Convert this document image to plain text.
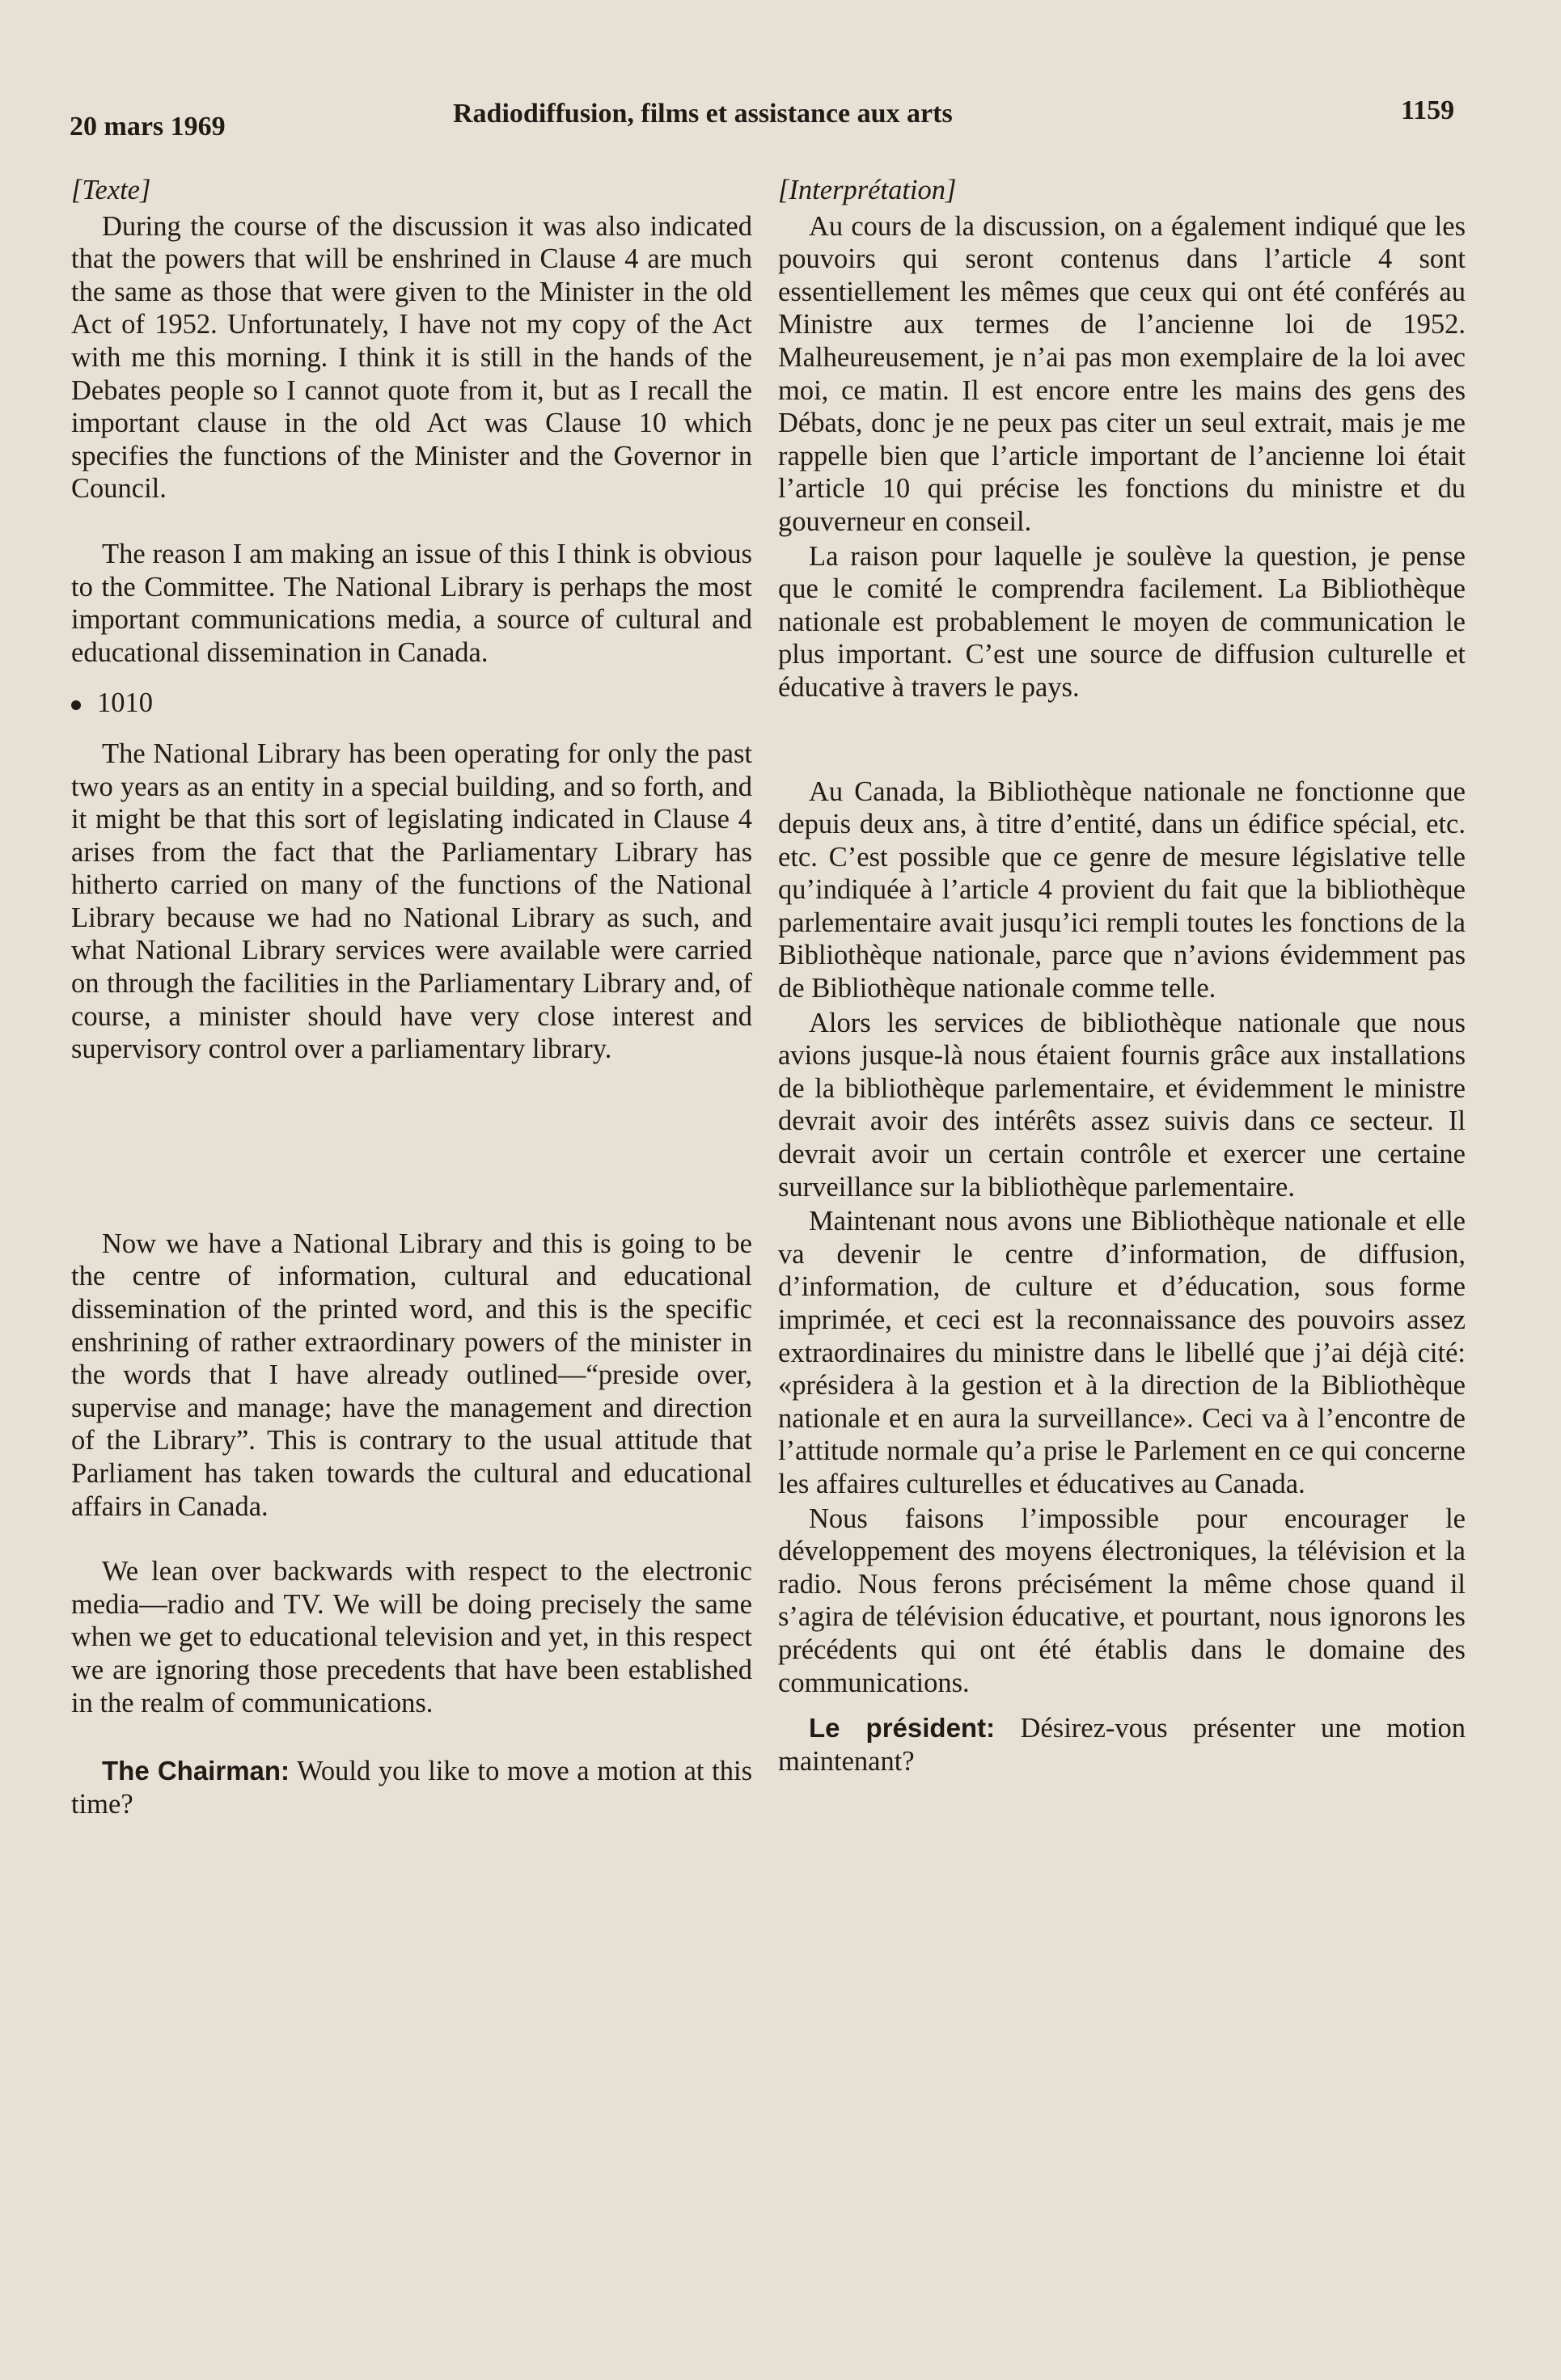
20 mars 1969	Radiodiffusion, films et assistance aux arts	1159

[Texte]

During the course of the discussion it was also indicated that the powers that will be enshrined in Clause 4 are much the same as those that were given to the Minister in the old Act of 1952. Unfortunately, I have not my copy of the Act with me this morning. I think it is still in the hands of the Debates people so I cannot quote from it, but as I recall the important clause in the old Act was Clause 10 which specifies the functions of the Minister and the Governor in Council.

The reason I am making an issue of this I think is obvious to the Committee. The National Library is perhaps the most important communications media, a source of cultural and educational dissemination in Canada.

1010

The National Library has been operating for only the past two years as an entity in a special building, and so forth, and it might be that this sort of legislating indicated in Clause 4 arises from the fact that the Parliamentary Library has hitherto carried on many of the functions of the National Library because we had no National Library as such, and what National Library services were available were carried on through the facilities in the Parliamentary Library and, of course, a minister should have very close interest and supervisory control over a parliamentary library.

Now we have a National Library and this is going to be the centre of information, cultural and educational dissemination of the printed word, and this is the specific enshrining of rather extraordinary powers of the minister in the words that I have already outlined—“preside over, supervise and manage; have the management and direction of the Library”. This is contrary to the usual attitude that Parliament has taken towards the cultural and educational affairs in Canada.

We lean over backwards with respect to the electronic media—radio and TV. We will be doing precisely the same when we get to educational television and yet, in this respect we are ignoring those precedents that have been established in the realm of communications.

The Chairman: Would you like to move a motion at this time?

[Interprétation]

Au cours de la discussion, on a également indiqué que les pouvoirs qui seront contenus dans l’article 4 sont essentiellement les mêmes que ceux qui ont été conférés au Ministre aux termes de l’ancienne loi de 1952. Malheureusement, je n’ai pas mon exemplaire de la loi avec moi, ce matin. Il est encore entre les mains des gens des Débats, donc je ne peux pas citer un seul extrait, mais je me rappelle bien que l’article important de l’ancienne loi était l’article 10 qui précise les fonctions du ministre et du gouverneur en conseil.

La raison pour laquelle je soulève la question, je pense que le comité le comprendra facilement. La Bibliothèque nationale est probablement le moyen de communication le plus important. C’est une source de diffusion culturelle et éducative à travers le pays.

Au Canada, la Bibliothèque nationale ne fonctionne que depuis deux ans, à titre d’entité, dans un édifice spécial, etc. etc. C’est possible que ce genre de mesure législative telle qu’indiquée à l’article 4 provient du fait que la bibliothèque parlementaire avait jusqu’ici rempli toutes les fonctions de la Bibliothèque nationale, parce que n’avions évidemment pas de Bibliothèque nationale comme telle.

Alors les services de bibliothèque nationale que nous avions jusque-là nous étaient fournis grâce aux installations de la bibliothèque parlementaire, et évidemment le ministre devrait avoir des intérêts assez suivis dans ce secteur. Il devrait avoir un certain contrôle et exercer une certaine surveillance sur la bibliothèque parlementaire.

Maintenant nous avons une Bibliothèque nationale et elle va devenir le centre d’information, de diffusion, d’information, de culture et d’éducation, sous forme imprimée, et ceci est la reconnaissance des pouvoirs assez extraordinaires du ministre dans le libellé que j’ai déjà cité: «présidera à la gestion et à la direction de la Bibliothèque nationale et en aura la surveillance». Ceci va à l’encontre de l’attitude normale qu’a prise le Parlement en ce qui concerne les affaires culturelles et éducatives au Canada.

Nous faisons l’impossible pour encourager le développement des moyens électroniques, la télévision et la radio. Nous ferons précisément la même chose quand il s’agira de télévision éducative, et pourtant, nous ignorons les précédents qui ont été établis dans le domaine des communications.

Le président: Désirez-vous présenter une motion maintenant?
